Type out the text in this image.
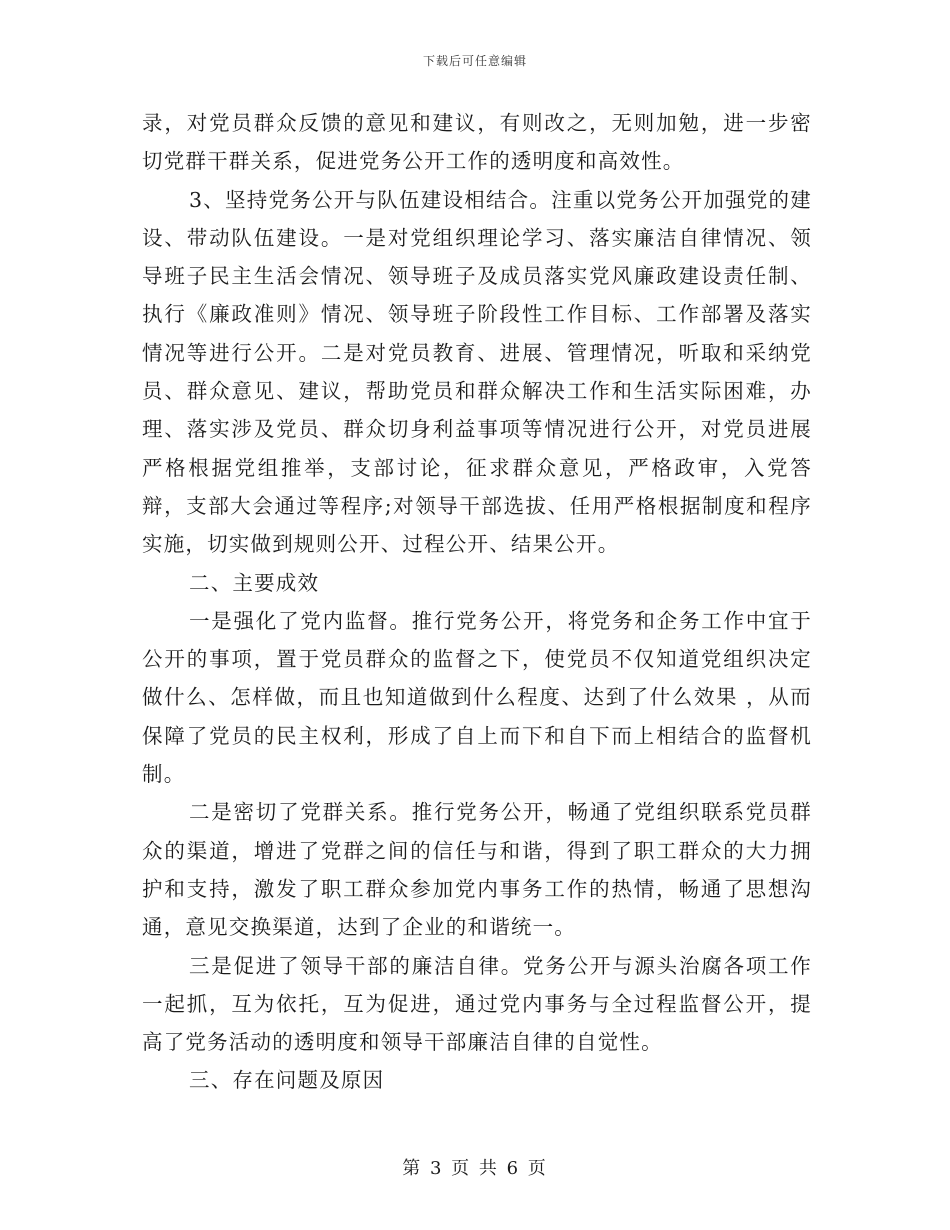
下载后可任意编辑

录，对党员群众反馈的意见和建议，有则改之，无则加勉，进一步密切党群干群关系，促进党务公开工作的透明度和高效性。

3、坚持党务公开与队伍建设相结合。注重以党务公开加强党的建设、带动队伍建设。一是对党组织理论学习、落实廉洁自律情况、领导班子民主生活会情况、领导班子及成员落实党风廉政建设责任制、执行《廉政准则》情况、领导班子阶段性工作目标、工作部署及落实情况等进行公开。二是对党员教育、进展、管理情况，听取和采纳党员、群众意见、建议，帮助党员和群众解决工作和生活实际困难，办理、落实涉及党员、群众切身利益事项等情况进行公开，对党员进展严格根据党组推举，支部讨论，征求群众意见，严格政审，入党答辩，支部大会通过等程序;对领导干部选拔、任用严格根据制度和程序实施，切实做到规则公开、过程公开、结果公开。

二、主要成效

一是强化了党内监督。推行党务公开，将党务和企务工作中宜于公开的事项，置于党员群众的监督之下，使党员不仅知道党组织决定做什么、怎样做，而且也知道做到什么程度、达到了什么效果 ，从而保障了党员的民主权利，形成了自上而下和自下而上相结合的监督机制。

二是密切了党群关系。推行党务公开，畅通了党组织联系党员群众的渠道，增进了党群之间的信任与和谐，得到了职工群众的大力拥护和支持，激发了职工群众参加党内事务工作的热情，畅通了思想沟通，意见交换渠道，达到了企业的和谐统一。

三是促进了领导干部的廉洁自律。党务公开与源头治腐各项工作一起抓，互为依托，互为促进，通过党内事务与全过程监督公开，提高了党务活动的透明度和领导干部廉洁自律的自觉性。

三、存在问题及原因

第 3 页 共 6 页
